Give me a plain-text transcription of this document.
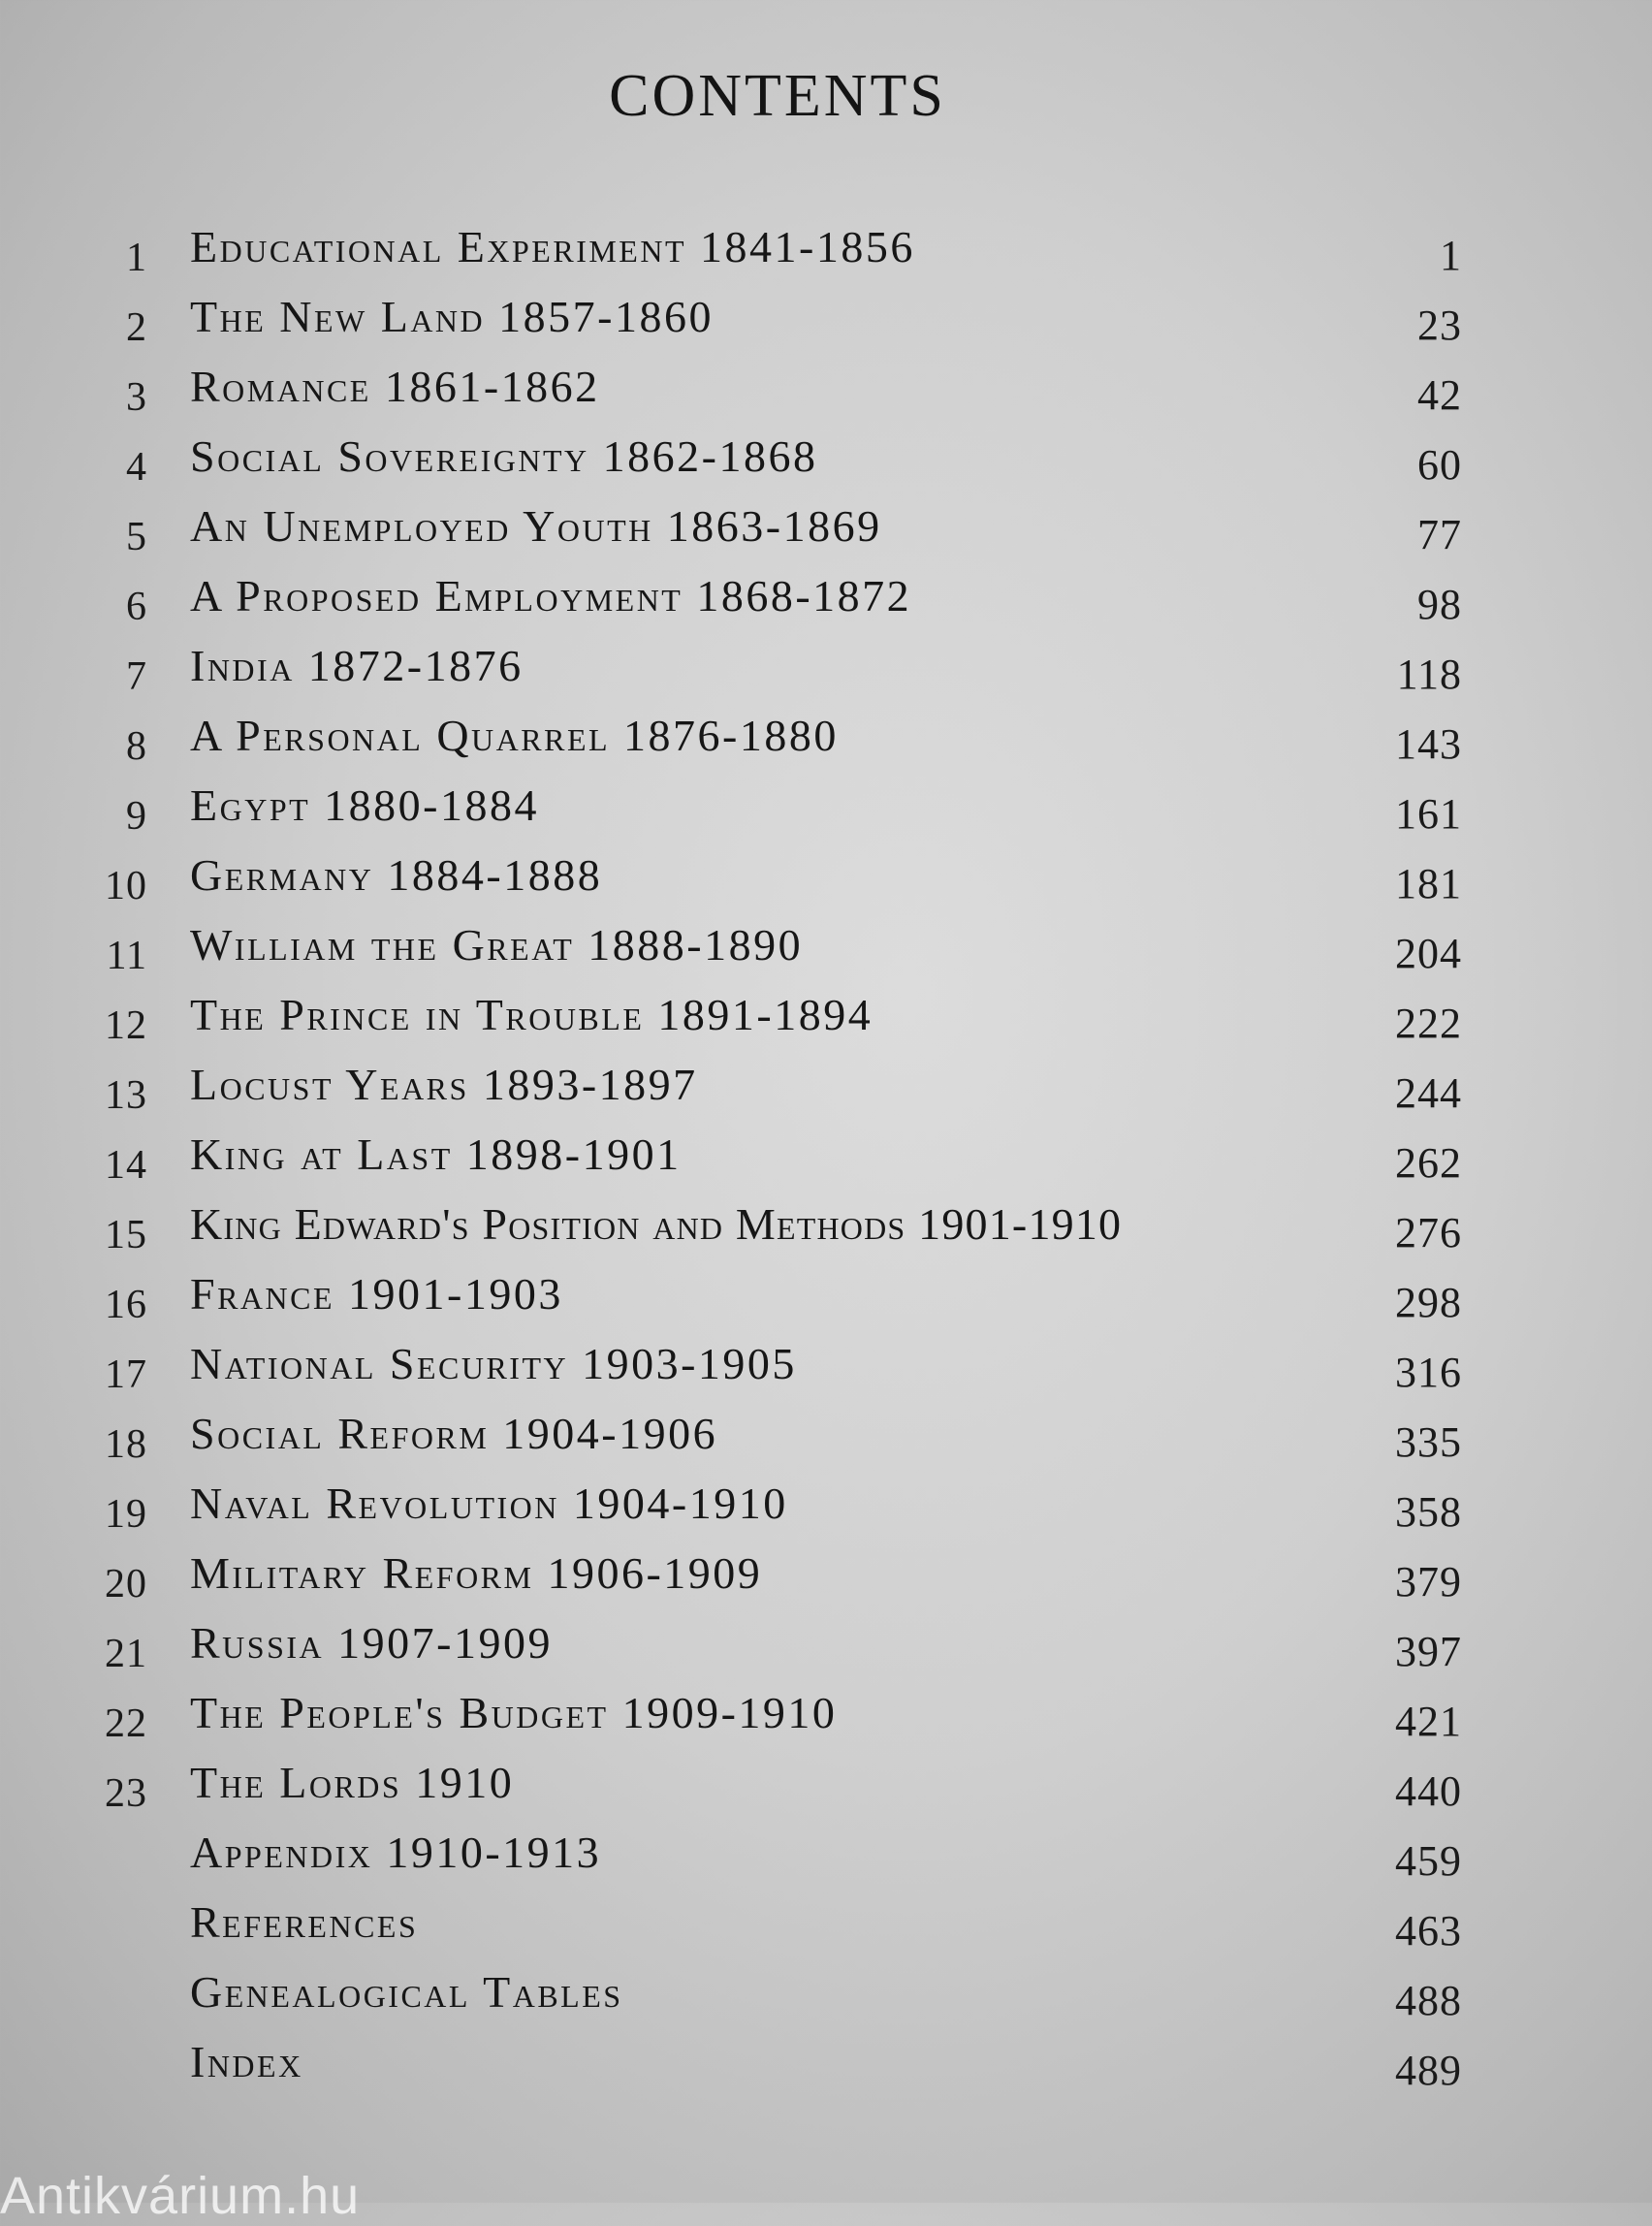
CONTENTS
1 Educational Experiment 1841-1856	1
2 The New Land 1857-1860	23
3 Romance 1861-1862	42
4 Social Sovereignty 1862-1868	60
5 An Unemployed Youth 1863-1869	77
6 A Proposed Employment 1868-1872	98
7 India 1872-1876	118
8 A Personal Quarrel 1876-1880	143
9 Egypt 1880-1884	161
10 Germany 1884-1888	181
11 William the Great 1888-1890	204
12 The Prince in Trouble 1891-1894	222
13 Locust Years 1893-1897	244
14 King at Last 1898-1901	262
15 King Edward's Position and Methods 1901-1910	276
16 France 1901-1903	298
17 National Security 1903-1905	316
18 Social Reform 1904-1906	335
19 Naval Revolution 1904-1910	358
20 Military Reform 1906-1909	379
21 Russia 1907-1909	397
22 The People's Budget 1909-1910	421
23 The Lords 1910	440
Appendix 1910-1913	459
References	463
Genealogical Tables	488
Index	489
Antikvárium.hu
